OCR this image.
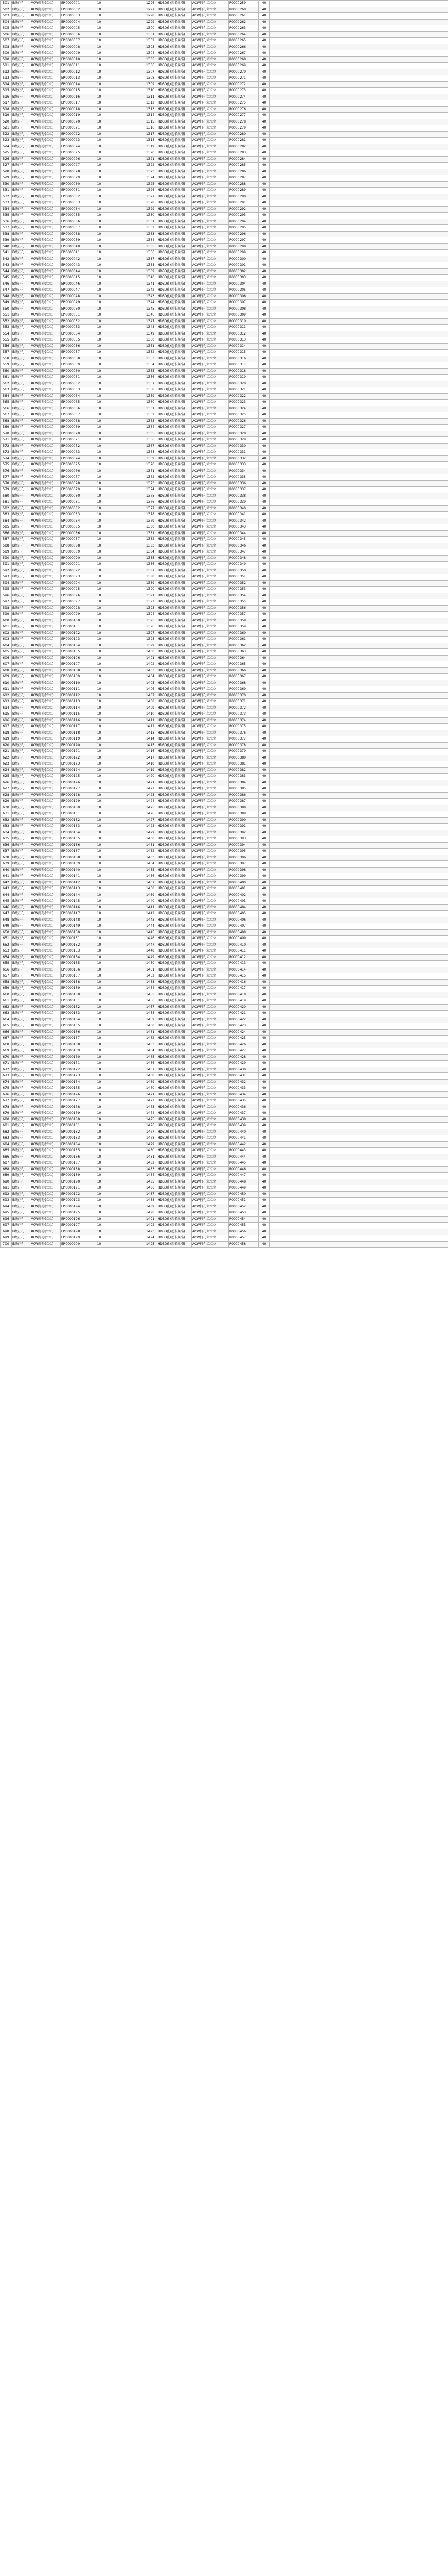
501	B级正孔	ACW打孔(立立)	EP0000001	10		1296	HDBD孔(超长规格)	ACW打孔立立立	R0000259	40	
502	B级正孔	ACW打孔(立立)	EP0000002	10		1297	HDBD孔(超长规格)	ACW打孔立立立	R0000260	40	
503	B级正孔	ACW打孔(立立)	EP0000003	10		1298	HDBD孔(超长规格)	ACW打孔立立立	R0000261	40	
504	B级正孔	ACW打孔(立立)	EP0000004	10		1299	HDBD孔(超长规格)	ACW打孔立立立	R0000262	40	
505	B级正孔	ACW打孔(立立)	EP0000005	10		1300	HDBD孔(超长规格)	ACW打孔立立立	R0000263	40	
506	B级正孔	ACW打孔(立立)	EP0000006	10		1301	HDBD孔(超长规格)	ACW打孔立立立	R0000264	40	
507	B级正孔	ACW打孔(立立)	EP0000007	10		1302	HDBD孔(超长规格)	ACW打孔立立立	R0000265	40	
508	B级正孔	ACW打孔(立立)	EP0000008	10		1303	HDBD孔(超长规格)	ACW打孔立立立	R0000266	40	
509	B级正孔	ACW打孔(立立)	EP0000009	10		1304	HDBD孔(超长规格)	ACW打孔立立立	R0000267	40	
510	B级正孔	ACW打孔(立立)	EP0000010	10		1305	HDBD孔(超长规格)	ACW打孔立立立	R0000268	40	
511	B级正孔	ACW打孔(立立)	EP0000011	10		1306	HDBD孔(超长规格)	ACW打孔立立立	R0000269	40	
512	B级正孔	ACW打孔(立立)	EP0000012	10		1307	HDBD孔(超长规格)	ACW打孔立立立	R0000270	40	
513	B级正孔	ACW打孔(立立)	EP0000013	10		1308	HDBD孔(超长规格)	ACW打孔立立立	R0000271	40	
514	B级正孔	ACW打孔(立立)	EP0000014	10		1309	HDBD孔(超长规格)	ACW打孔立立立	R0000272	40	
515	B级正孔	ACW打孔(立立)	EP0000015	10		1310	HDBD孔(超长规格)	ACW打孔立立立	R0000273	40	
516	B级正孔	ACW打孔(立立)	EP0000016	10		1311	HDBD孔(超长规格)	ACW打孔立立立	R0000274	40	
517	B级正孔	ACW打孔(立立)	EP0000017	10		1312	HDBD孔(超长规格)	ACW打孔立立立	R0000275	40	
518	B级正孔	ACW打孔(立立)	EP0000018	10		1313	HDBD孔(超长规格)	ACW打孔立立立	R0000276	40	
519	B级正孔	ACW打孔(立立)	EP0000019	10		1314	HDBD孔(超长规格)	ACW打孔立立立	R0000277	40	
520	B级正孔	ACW打孔(立立)	EP0000020	10		1315	HDBD孔(超长规格)	ACW打孔立立立	R0000278	40	
521	B级正孔	ACW打孔(立立)	EP0000021	10		1316	HDBD孔(超长规格)	ACW打孔立立立	R0000279	40	
522	B级正孔	ACW打孔(立立)	EP0000022	10		1317	HDBD孔(超长规格)	ACW打孔立立立	R0000280	40	
523	B级正孔	ACW打孔(立立)	EP0000023	10		1318	HDBD孔(超长规格)	ACW打孔立立立	R0000281	40	
524	B级正孔	ACW打孔(立立)	EP0000024	10		1319	HDBD孔(超长规格)	ACW打孔立立立	R0000282	40	
525	B级正孔	ACW打孔(立立)	EP0000025	10		1320	HDBD孔(超长规格)	ACW打孔立立立	R0000283	40	
526	B级正孔	ACW打孔(立立)	EP0000026	10		1321	HDBD孔(超长规格)	ACW打孔立立立	R0000284	40	
527	B级正孔	ACW打孔(立立)	EP0000027	10		1322	HDBD孔(超长规格)	ACW打孔立立立	R0000285	40	
528	B级正孔	ACW打孔(立立)	EP0000028	10		1323	HDBD孔(超长规格)	ACW打孔立立立	R0000286	40	
529	B级正孔	ACW打孔(立立)	EP0000029	10		1324	HDBD孔(超长规格)	ACW打孔立立立	R0000287	40	
530	B级正孔	ACW打孔(立立)	EP0000030	10		1325	HDBD孔(超长规格)	ACW打孔立立立	R0000288	40	
531	B级正孔	ACW打孔(立立)	EP0000031	10		1326	HDBD孔(超长规格)	ACW打孔立立立	R0000289	40	
532	B级正孔	ACW打孔(立立)	EP0000032	10		1327	HDBD孔(超长规格)	ACW打孔立立立	R0000290	40	
533	B级正孔	ACW打孔(立立)	EP0000033	10		1328	HDBD孔(超长规格)	ACW打孔立立立	R0000291	40	
534	B级正孔	ACW打孔(立立)	EP0000034	10		1329	HDBD孔(超长规格)	ACW打孔立立立	R0000292	40	
535	B级正孔	ACW打孔(立立)	EP0000035	10		1330	HDBD孔(超长规格)	ACW打孔立立立	R0000293	40	
536	B级正孔	ACW打孔(立立)	EP0000036	10		1331	HDBD孔(超长规格)	ACW打孔立立立	R0000294	40	
537	B级正孔	ACW打孔(立立)	EP0000037	10		1332	HDBD孔(超长规格)	ACW打孔立立立	R0000295	40	
538	B级正孔	ACW打孔(立立)	EP0000038	10		1333	HDBD孔(超长规格)	ACW打孔立立立	R0000296	40	
539	B级正孔	ACW打孔(立立)	EP0000039	10		1334	HDBD孔(超长规格)	ACW打孔立立立	R0000297	40	
540	B级正孔	ACW打孔(立立)	EP0000040	10		1335	HDBD孔(超长规格)	ACW打孔立立立	R0000298	40	
541	B级正孔	ACW打孔(立立)	EP0000041	10		1336	HDBD孔(超长规格)	ACW打孔立立立	R0000299	40	
542	B级正孔	ACW打孔(立立)	EP0000042	10		1337	HDBD孔(超长规格)	ACW打孔立立立	R0000300	40	
543	B级正孔	ACW打孔(立立)	EP0000043	10		1338	HDBD孔(超长规格)	ACW打孔立立立	R0000301	40	
544	B级正孔	ACW打孔(立立)	EP0000044	10		1339	HDBD孔(超长规格)	ACW打孔立立立	R0000302	40	
545	B级正孔	ACW打孔(立立)	EP0000045	10		1340	HDBD孔(超长规格)	ACW打孔立立立	R0000303	40	
546	B级正孔	ACW打孔(立立)	EP0000046	10		1341	HDBD孔(超长规格)	ACW打孔立立立	R0000304	40	
547	B级正孔	ACW打孔(立立)	EP0000047	10		1342	HDBD孔(超长规格)	ACW打孔立立立	R0000305	40	
548	B级正孔	ACW打孔(立立)	EP0000048	10		1343	HDBD孔(超长规格)	ACW打孔立立立	R0000306	40	
549	B级正孔	ACW打孔(立立)	EP0000049	10		1344	HDBD孔(超长规格)	ACW打孔立立立	R0000307	40	
550	B级正孔	ACW打孔(立立)	EP0000050	10		1345	HDBD孔(超长规格)	ACW打孔立立立	R0000308	40	
551	B级正孔	ACW打孔(立立)	EP0000051	10		1346	HDBD孔(超长规格)	ACW打孔立立立	R0000309	40	
552	B级正孔	ACW打孔(立立)	EP0000052	10		1347	HDBD孔(超长规格)	ACW打孔立立立	R0000310	40	
553	B级正孔	ACW打孔(立立)	EP0000053	10		1348	HDBD孔(超长规格)	ACW打孔立立立	R0000311	40	
554	B级正孔	ACW打孔(立立)	EP0000054	10		1349	HDBD孔(超长规格)	ACW打孔立立立	R0000312	40	
555	B级正孔	ACW打孔(立立)	EP0000055	10		1350	HDBD孔(超长规格)	ACW打孔立立立	R0000313	40	
556	B级正孔	ACW打孔(立立)	EP0000056	10		1351	HDBD孔(超长规格)	ACW打孔立立立	R0000314	40	
557	B级正孔	ACW打孔(立立)	EP0000057	10		1352	HDBD孔(超长规格)	ACW打孔立立立	R0000315	40	
558	B级正孔	ACW打孔(立立)	EP0000058	10		1353	HDBD孔(超长规格)	ACW打孔立立立	R0000316	40	
559	B级正孔	ACW打孔(立立)	EP0000059	10		1354	HDBD孔(超长规格)	ACW打孔立立立	R0000317	40	
560	B级正孔	ACW打孔(立立)	EP0000060	10		1355	HDBD孔(超长规格)	ACW打孔立立立	R0000318	40	
561	B级正孔	ACW打孔(立立)	EP0000061	10		1356	HDBD孔(超长规格)	ACW打孔立立立	R0000319	40	
562	B级正孔	ACW打孔(立立)	EP0000062	10		1357	HDBD孔(超长规格)	ACW打孔立立立	R0000320	40	
563	B级正孔	ACW打孔(立立)	EP0000063	10		1358	HDBD孔(超长规格)	ACW打孔立立立	R0000321	40	
564	B级正孔	ACW打孔(立立)	EP0000064	10		1359	HDBD孔(超长规格)	ACW打孔立立立	R0000322	40	
565	B级正孔	ACW打孔(立立)	EP0000065	10		1360	HDBD孔(超长规格)	ACW打孔立立立	R0000323	40	
566	B级正孔	ACW打孔(立立)	EP0000066	10		1361	HDBD孔(超长规格)	ACW打孔立立立	R0000324	40	
567	B级正孔	ACW打孔(立立)	EP0000067	10		1362	HDBD孔(超长规格)	ACW打孔立立立	R0000325	40	
568	B级正孔	ACW打孔(立立)	EP0000068	10		1363	HDBD孔(超长规格)	ACW打孔立立立	R0000326	40	
569	B级正孔	ACW打孔(立立)	EP0000069	10		1364	HDBD孔(超长规格)	ACW打孔立立立	R0000327	40	
570	B级正孔	ACW打孔(立立)	EP0000070	10		1365	HDBD孔(超长规格)	ACW打孔立立立	R0000328	40	
571	B级正孔	ACW打孔(立立)	EP0000071	10		1366	HDBD孔(超长规格)	ACW打孔立立立	R0000329	40	
572	B级正孔	ACW打孔(立立)	EP0000072	10		1367	HDBD孔(超长规格)	ACW打孔立立立	R0000330	40	
573	B级正孔	ACW打孔(立立)	EP0000073	10		1368	HDBD孔(超长规格)	ACW打孔立立立	R0000331	40	
574	B级正孔	ACW打孔(立立)	EP0000074	10		1369	HDBD孔(超长规格)	ACW打孔立立立	R0000332	40	
575	B级正孔	ACW打孔(立立)	EP0000075	10		1370	HDBD孔(超长规格)	ACW打孔立立立	R0000333	40	
576	B级正孔	ACW打孔(立立)	EP0000076	10		1371	HDBD孔(超长规格)	ACW打孔立立立	R0000334	40	
577	B级正孔	ACW打孔(立立)	EP0000077	10		1372	HDBD孔(超长规格)	ACW打孔立立立	R0000335	40	
578	B级正孔	ACW打孔(立立)	EP0000078	10		1373	HDBD孔(超长规格)	ACW打孔立立立	R0000336	40	
579	B级正孔	ACW打孔(立立)	EP0000079	10		1374	HDBD孔(超长规格)	ACW打孔立立立	R0000337	40	
580	B级正孔	ACW打孔(立立)	EP0000080	10		1375	HDBD孔(超长规格)	ACW打孔立立立	R0000338	40	
581	B级正孔	ACW打孔(立立)	EP0000081	10		1376	HDBD孔(超长规格)	ACW打孔立立立	R0000339	40	
582	B级正孔	ACW打孔(立立)	EP0000082	10		1377	HDBD孔(超长规格)	ACW打孔立立立	R0000340	40	
583	B级正孔	ACW打孔(立立)	EP0000083	10		1378	HDBD孔(超长规格)	ACW打孔立立立	R0000341	40	
584	B级正孔	ACW打孔(立立)	EP0000084	10		1379	HDBD孔(超长规格)	ACW打孔立立立	R0000342	40	
585	B级正孔	ACW打孔(立立)	EP0000085	10		1380	HDBD孔(超长规格)	ACW打孔立立立	R0000343	40	
586	B级正孔	ACW打孔(立立)	EP0000086	10		1381	HDBD孔(超长规格)	ACW打孔立立立	R0000344	40	
587	B级正孔	ACW打孔(立立)	EP0000087	10		1382	HDBD孔(超长规格)	ACW打孔立立立	R0000345	40	
588	B级正孔	ACW打孔(立立)	EP0000088	10		1383	HDBD孔(超长规格)	ACW打孔立立立	R0000346	40	
589	B级正孔	ACW打孔(立立)	EP0000089	10		1384	HDBD孔(超长规格)	ACW打孔立立立	R0000347	40	
590	B级正孔	ACW打孔(立立)	EP0000090	10		1385	HDBD孔(超长规格)	ACW打孔立立立	R0000348	40	
591	B级正孔	ACW打孔(立立)	EP0000091	10		1386	HDBD孔(超长规格)	ACW打孔立立立	R0000349	40	
592	B级正孔	ACW打孔(立立)	EP0000092	10		1387	HDBD孔(超长规格)	ACW打孔立立立	R0000350	40	
593	B级正孔	ACW打孔(立立)	EP0000093	10		1388	HDBD孔(超长规格)	ACW打孔立立立	R0000351	40	
594	B级正孔	ACW打孔(立立)	EP0000094	10		1389	HDBD孔(超长规格)	ACW打孔立立立	R0000352	40	
595	B级正孔	ACW打孔(立立)	EP0000095	10		1390	HDBD孔(超长规格)	ACW打孔立立立	R0000353	40	
596	B级正孔	ACW打孔(立立)	EP0000096	10		1391	HDBD孔(超长规格)	ACW打孔立立立	R0000354	40	
597	B级正孔	ACW打孔(立立)	EP0000097	10		1392	HDBD孔(超长规格)	ACW打孔立立立	R0000355	40	
598	B级正孔	ACW打孔(立立)	EP0000098	10		1393	HDBD孔(超长规格)	ACW打孔立立立	R0000356	40	
599	B级正孔	ACW打孔(立立)	EP0000099	10		1394	HDBD孔(超长规格)	ACW打孔立立立	R0000357	40	
600	B级正孔	ACW打孔(立立)	EP0000100	10		1395	HDBD孔(超长规格)	ACW打孔立立立	R0000358	40	
601	B级正孔	ACW打孔(立立)	EP0000101	10		1396	HDBD孔(超长规格)	ACW打孔立立立	R0000359	40	
602	B级正孔	ACW打孔(立立)	EP0000102	10		1397	HDBD孔(超长规格)	ACW打孔立立立	R0000360	40	
603	B级正孔	ACW打孔(立立)	EP0000103	10		1398	HDBD孔(超长规格)	ACW打孔立立立	R0000361	40	
604	B级正孔	ACW打孔(立立)	EP0000104	10		1399	HDBD孔(超长规格)	ACW打孔立立立	R0000362	40	
605	B级正孔	ACW打孔(立立)	EP0000105	10		1400	HDBD孔(超长规格)	ACW打孔立立立	R0000363	40	
606	B级正孔	ACW打孔(立立)	EP0000106	10		1401	HDBD孔(超长规格)	ACW打孔立立立	R0000364	40	
607	B级正孔	ACW打孔(立立)	EP0000107	10		1402	HDBD孔(超长规格)	ACW打孔立立立	R0000365	40	
608	B级正孔	ACW打孔(立立)	EP0000108	10		1403	HDBD孔(超长规格)	ACW打孔立立立	R0000366	40	
609	B级正孔	ACW打孔(立立)	EP0000109	10		1404	HDBD孔(超长规格)	ACW打孔立立立	R0000367	40	
610	B级正孔	ACW打孔(立立)	EP0000110	10		1405	HDBD孔(超长规格)	ACW打孔立立立	R0000368	40	
611	B级正孔	ACW打孔(立立)	EP0000111	10		1406	HDBD孔(超长规格)	ACW打孔立立立	R0000369	40	
612	B级正孔	ACW打孔(立立)	EP0000112	10		1407	HDBD孔(超长规格)	ACW打孔立立立	R0000370	40	
613	B级正孔	ACW打孔(立立)	EP0000113	10		1408	HDBD孔(超长规格)	ACW打孔立立立	R0000371	40	
614	B级正孔	ACW打孔(立立)	EP0000114	10		1409	HDBD孔(超长规格)	ACW打孔立立立	R0000372	40	
615	B级正孔	ACW打孔(立立)	EP0000115	10		1410	HDBD孔(超长规格)	ACW打孔立立立	R0000373	40	
616	B级正孔	ACW打孔(立立)	EP0000116	10		1411	HDBD孔(超长规格)	ACW打孔立立立	R0000374	40	
617	B级正孔	ACW打孔(立立)	EP0000117	10		1412	HDBD孔(超长规格)	ACW打孔立立立	R0000375	40	
618	B级正孔	ACW打孔(立立)	EP0000118	10		1413	HDBD孔(超长规格)	ACW打孔立立立	R0000376	40	
619	B级正孔	ACW打孔(立立)	EP0000119	10		1414	HDBD孔(超长规格)	ACW打孔立立立	R0000377	40	
620	B级正孔	ACW打孔(立立)	EP0000120	10		1415	HDBD孔(超长规格)	ACW打孔立立立	R0000378	40	
621	B级正孔	ACW打孔(立立)	EP0000121	10		1416	HDBD孔(超长规格)	ACW打孔立立立	R0000379	40	
622	B级正孔	ACW打孔(立立)	EP0000122	10		1417	HDBD孔(超长规格)	ACW打孔立立立	R0000380	40	
623	B级正孔	ACW打孔(立立)	EP0000123	10		1418	HDBD孔(超长规格)	ACW打孔立立立	R0000381	40	
624	B级正孔	ACW打孔(立立)	EP0000124	10		1419	HDBD孔(超长规格)	ACW打孔立立立	R0000382	40	
625	B级正孔	ACW打孔(立立)	EP0000125	10		1420	HDBD孔(超长规格)	ACW打孔立立立	R0000383	40	
626	B级正孔	ACW打孔(立立)	EP0000126	10		1421	HDBD孔(超长规格)	ACW打孔立立立	R0000384	40	
627	B级正孔	ACW打孔(立立)	EP0000127	10		1422	HDBD孔(超长规格)	ACW打孔立立立	R0000385	40	
628	B级正孔	ACW打孔(立立)	EP0000128	10		1423	HDBD孔(超长规格)	ACW打孔立立立	R0000386	40	
629	B级正孔	ACW打孔(立立)	EP0000129	10		1424	HDBD孔(超长规格)	ACW打孔立立立	R0000387	40	
630	B级正孔	ACW打孔(立立)	EP0000130	10		1425	HDBD孔(超长规格)	ACW打孔立立立	R0000388	40	
631	B级正孔	ACW打孔(立立)	EP0000131	10		1426	HDBD孔(超长规格)	ACW打孔立立立	R0000389	40	
632	B级正孔	ACW打孔(立立)	EP0000132	10		1427	HDBD孔(超长规格)	ACW打孔立立立	R0000390	40	
633	B级正孔	ACW打孔(立立)	EP0000133	10		1428	HDBD孔(超长规格)	ACW打孔立立立	R0000391	40	
634	B级正孔	ACW打孔(立立)	EP0000134	10		1429	HDBD孔(超长规格)	ACW打孔立立立	R0000392	40	
635	B级正孔	ACW打孔(立立)	EP0000135	10		1430	HDBD孔(超长规格)	ACW打孔立立立	R0000393	40	
636	B级正孔	ACW打孔(立立)	EP0000136	10		1431	HDBD孔(超长规格)	ACW打孔立立立	R0000394	40	
637	B级正孔	ACW打孔(立立)	EP0000137	10		1432	HDBD孔(超长规格)	ACW打孔立立立	R0000395	40	
638	B级正孔	ACW打孔(立立)	EP0000138	10		1433	HDBD孔(超长规格)	ACW打孔立立立	R0000396	40	
639	B级正孔	ACW打孔(立立)	EP0000139	10		1434	HDBD孔(超长规格)	ACW打孔立立立	R0000397	40	
640	B级正孔	ACW打孔(立立)	EP0000140	10		1435	HDBD孔(超长规格)	ACW打孔立立立	R0000398	40	
641	B级正孔	ACW打孔(立立)	EP0000141	10		1436	HDBD孔(超长规格)	ACW打孔立立立	R0000399	40	
642	B级正孔	ACW打孔(立立)	EP0000142	10		1437	HDBD孔(超长规格)	ACW打孔立立立	R0000400	40	
643	B级正孔	ACW打孔(立立)	EP0000143	10		1438	HDBD孔(超长规格)	ACW打孔立立立	R0000401	40	
644	B级正孔	ACW打孔(立立)	EP0000144	10		1439	HDBD孔(超长规格)	ACW打孔立立立	R0000402	40	
645	B级正孔	ACW打孔(立立)	EP0000145	10		1440	HDBD孔(超长规格)	ACW打孔立立立	R0000403	40	
646	B级正孔	ACW打孔(立立)	EP0000146	10		1441	HDBD孔(超长规格)	ACW打孔立立立	R0000404	40	
647	B级正孔	ACW打孔(立立)	EP0000147	10		1442	HDBD孔(超长规格)	ACW打孔立立立	R0000405	40	
648	B级正孔	ACW打孔(立立)	EP0000148	10		1443	HDBD孔(超长规格)	ACW打孔立立立	R0000406	40	
649	B级正孔	ACW打孔(立立)	EP0000149	10		1444	HDBD孔(超长规格)	ACW打孔立立立	R0000407	40	
650	B级正孔	ACW打孔(立立)	EP0000150	10		1445	HDBD孔(超长规格)	ACW打孔立立立	R0000408	40	
651	B级正孔	ACW打孔(立立)	EP0000151	10		1446	HDBD孔(超长规格)	ACW打孔立立立	R0000409	40	
652	B级正孔	ACW打孔(立立)	EP0000152	10		1447	HDBD孔(超长规格)	ACW打孔立立立	R0000410	40	
653	B级正孔	ACW打孔(立立)	EP0000153	10		1448	HDBD孔(超长规格)	ACW打孔立立立	R0000411	40	
654	B级正孔	ACW打孔(立立)	EP0000154	10		1449	HDBD孔(超长规格)	ACW打孔立立立	R0000412	40	
655	B级正孔	ACW打孔(立立)	EP0000155	10		1450	HDBD孔(超长规格)	ACW打孔立立立	R0000413	40	
656	B级正孔	ACW打孔(立立)	EP0000156	10		1451	HDBD孔(超长规格)	ACW打孔立立立	R0000414	40	
657	B级正孔	ACW打孔(立立)	EP0000157	10		1452	HDBD孔(超长规格)	ACW打孔立立立	R0000415	40	
658	B级正孔	ACW打孔(立立)	EP0000158	10		1453	HDBD孔(超长规格)	ACW打孔立立立	R0000416	40	
659	B级正孔	ACW打孔(立立)	EP0000159	10		1454	HDBD孔(超长规格)	ACW打孔立立立	R0000417	40	
660	B级正孔	ACW打孔(立立)	EP0000160	10		1455	HDBD孔(超长规格)	ACW打孔立立立	R0000418	40	
661	B级正孔	ACW打孔(立立)	EP0000161	10		1456	HDBD孔(超长规格)	ACW打孔立立立	R0000419	40	
662	B级正孔	ACW打孔(立立)	EP0000162	10		1457	HDBD孔(超长规格)	ACW打孔立立立	R0000420	40	
663	B级正孔	ACW打孔(立立)	EP0000163	10		1458	HDBD孔(超长规格)	ACW打孔立立立	R0000421	40	
664	B级正孔	ACW打孔(立立)	EP0000164	10		1459	HDBD孔(超长规格)	ACW打孔立立立	R0000422	40	
665	B级正孔	ACW打孔(立立)	EP0000165	10		1460	HDBD孔(超长规格)	ACW打孔立立立	R0000423	40	
666	B级正孔	ACW打孔(立立)	EP0000166	10		1461	HDBD孔(超长规格)	ACW打孔立立立	R0000424	40	
667	B级正孔	ACW打孔(立立)	EP0000167	10		1462	HDBD孔(超长规格)	ACW打孔立立立	R0000425	40	
668	B级正孔	ACW打孔(立立)	EP0000168	10		1463	HDBD孔(超长规格)	ACW打孔立立立	R0000426	40	
669	B级正孔	ACW打孔(立立)	EP0000169	10		1464	HDBD孔(超长规格)	ACW打孔立立立	R0000427	40	
670	B级正孔	ACW打孔(立立)	EP0000170	10		1465	HDBD孔(超长规格)	ACW打孔立立立	R0000428	40	
671	B级正孔	ACW打孔(立立)	EP0000171	10		1466	HDBD孔(超长规格)	ACW打孔立立立	R0000429	40	
672	B级正孔	ACW打孔(立立)	EP0000172	10		1467	HDBD孔(超长规格)	ACW打孔立立立	R0000430	40	
673	B级正孔	ACW打孔(立立)	EP0000173	10		1468	HDBD孔(超长规格)	ACW打孔立立立	R0000431	40	
674	B级正孔	ACW打孔(立立)	EP0000174	10		1469	HDBD孔(超长规格)	ACW打孔立立立	R0000432	40	
675	B级正孔	ACW打孔(立立)	EP0000175	10		1470	HDBD孔(超长规格)	ACW打孔立立立	R0000433	40	
676	B级正孔	ACW打孔(立立)	EP0000176	10		1471	HDBD孔(超长规格)	ACW打孔立立立	R0000434	40	
677	B级正孔	ACW打孔(立立)	EP0000177	10		1472	HDBD孔(超长规格)	ACW打孔立立立	R0000435	40	
678	B级正孔	ACW打孔(立立)	EP0000178	10		1473	HDBD孔(超长规格)	ACW打孔立立立	R0000436	40	
679	B级正孔	ACW打孔(立立)	EP0000179	10		1474	HDBD孔(超长规格)	ACW打孔立立立	R0000437	40	
680	B级正孔	ACW打孔(立立)	EP0000180	10		1475	HDBD孔(超长规格)	ACW打孔立立立	R0000438	40	
681	B级正孔	ACW打孔(立立)	EP0000181	10		1476	HDBD孔(超长规格)	ACW打孔立立立	R0000439	40	
682	B级正孔	ACW打孔(立立)	EP0000182	10		1477	HDBD孔(超长规格)	ACW打孔立立立	R0000440	40	
683	B级正孔	ACW打孔(立立)	EP0000183	10		1478	HDBD孔(超长规格)	ACW打孔立立立	R0000441	40	
684	B级正孔	ACW打孔(立立)	EP0000184	10		1479	HDBD孔(超长规格)	ACW打孔立立立	R0000442	40	
685	B级正孔	ACW打孔(立立)	EP0000185	10		1480	HDBD孔(超长规格)	ACW打孔立立立	R0000443	40	
686	B级正孔	ACW打孔(立立)	EP0000186	10		1481	HDBD孔(超长规格)	ACW打孔立立立	R0000444	40	
687	B级正孔	ACW打孔(立立)	EP0000187	10		1482	HDBD孔(超长规格)	ACW打孔立立立	R0000445	40	
688	B级正孔	ACW打孔(立立)	EP0000188	10		1483	HDBD孔(超长规格)	ACW打孔立立立	R0000446	40	
689	B级正孔	ACW打孔(立立)	EP0000189	10		1484	HDBD孔(超长规格)	ACW打孔立立立	R0000447	40	
690	B级正孔	ACW打孔(立立)	EP0000190	10		1485	HDBD孔(超长规格)	ACW打孔立立立	R0000448	40	
691	B级正孔	ACW打孔(立立)	EP0000191	10		1486	HDBD孔(超长规格)	ACW打孔立立立	R0000449	40	
692	B级正孔	ACW打孔(立立)	EP0000192	10		1487	HDBD孔(超长规格)	ACW打孔立立立	R0000450	40	
693	B级正孔	ACW打孔(立立)	EP0000193	10		1488	HDBD孔(超长规格)	ACW打孔立立立	R0000451	40	
694	B级正孔	ACW打孔(立立)	EP0000194	10		1489	HDBD孔(超长规格)	ACW打孔立立立	R0000452	40	
695	B级正孔	ACW打孔(立立)	EP0000195	10		1490	HDBD孔(超长规格)	ACW打孔立立立	R0000453	40	
696	B级正孔	ACW打孔(立立)	EP0000196	10		1491	HDBD孔(超长规格)	ACW打孔立立立	R0000454	40	
697	B级正孔	ACW打孔(立立)	EP0000197	10		1492	HDBD孔(超长规格)	ACW打孔立立立	R0000455	40	
698	B级正孔	ACW打孔(立立)	EP0000198	10		1493	HDBD孔(超长规格)	ACW打孔立立立	R0000456	40	
699	B级正孔	ACW打孔(立立)	EP0000199	10		1494	HDBD孔(超长规格)	ACW打孔立立立	R0000457	40	
700	B级正孔	ACW打孔(立立)	EP0000200	10		1495	HDBD孔(超长规格)	ACW打孔立立立	R0000458	40	
